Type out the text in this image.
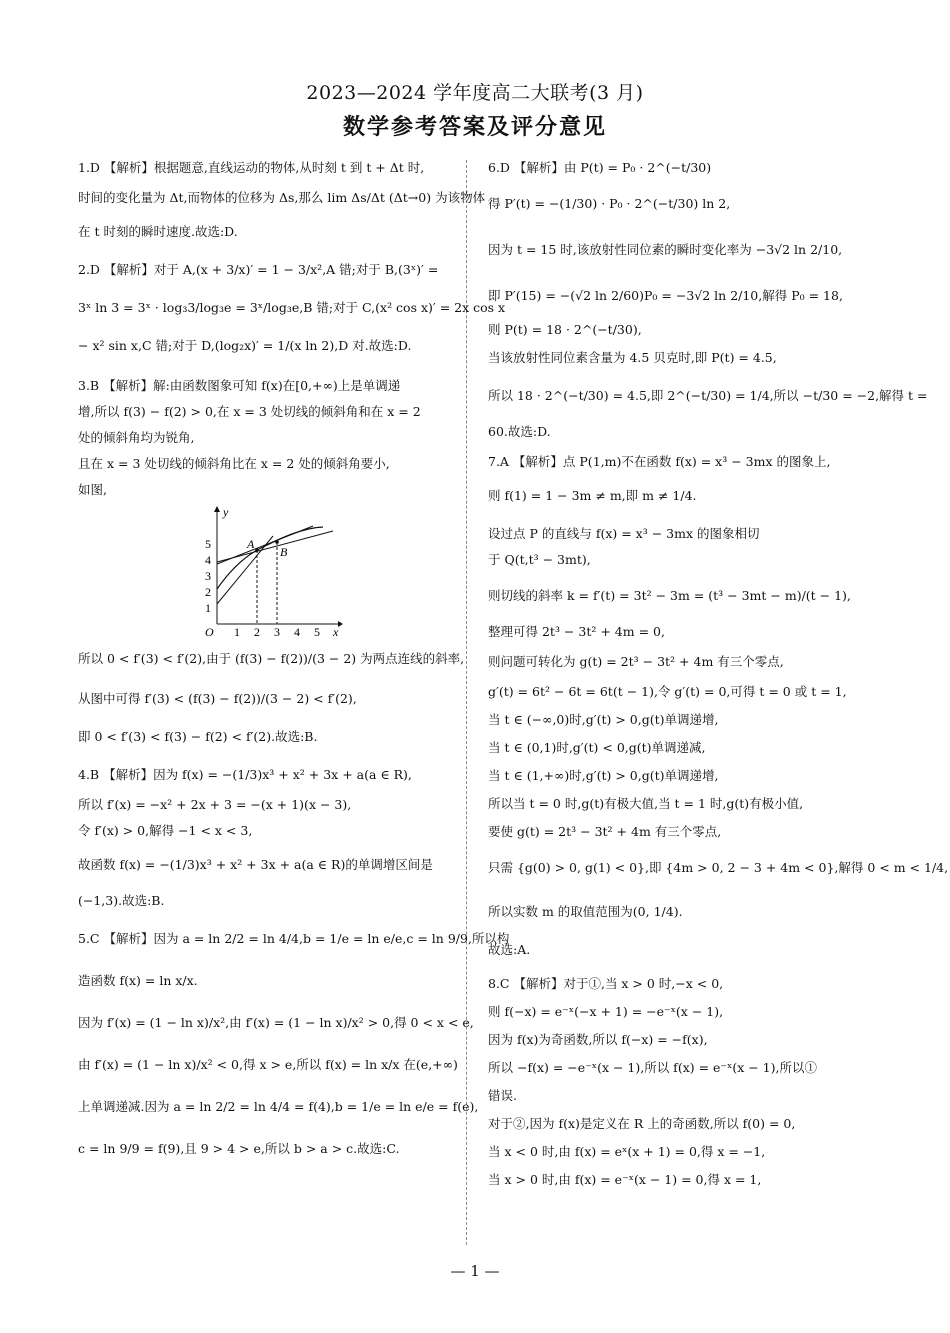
2023—2024 学年度高二大联考(3 月)
数学参考答案及评分意见

1.D 【解析】根据题意,直线运动的物体,从时刻 t 到 t + Δt 时,

时间的变化量为 Δt,而物体的位移为 Δs,那么 lim Δs/Δt (Δt→0) 为该物体

在 t 时刻的瞬时速度.故选:D.

2.D 【解析】对于 A,(x + 3/x)′ = 1 − 3/x²,A 错;对于 B,(3ˣ)′ =

3ˣ ln 3 = 3ˣ · log₃3/log₃e = 3ˣ/log₃e,B 错;对于 C,(x² cos x)′ = 2x cos x

− x² sin x,C 错;对于 D,(log₂x)′ = 1/(x ln 2),D 对.故选:D.

3.B 【解析】解:由函数图象可知 f(x)在[0,+∞)上是单调递

增,所以 f(3) − f(2) > 0,在 x = 3 处切线的倾斜角和在 x = 2

处的倾斜角均为锐角,

且在 x = 3 处切线的倾斜角比在 x = 2 处的倾斜角要小,

如图,

1 2 3 4 5
1
2
3
4
5
O	x
y
A
B

所以 0 < f′(3) < f′(2),由于 (f(3) − f(2))/(3 − 2) 为两点连线的斜率,

从图中可得 f′(3) < (f(3) − f(2))/(3 − 2) < f′(2),

即 0 < f′(3) < f(3) − f(2) < f′(2).故选:B.

4.B 【解析】因为 f(x) = −(1/3)x³ + x² + 3x + a(a ∈ R),

所以 f′(x) = −x² + 2x + 3 = −(x + 1)(x − 3),

令 f′(x) > 0,解得 −1 < x < 3,

故函数 f(x) = −(1/3)x³ + x² + 3x + a(a ∈ R)的单调增区间是

(−1,3).故选:B.

5.C 【解析】因为 a = ln 2/2 = ln 4/4,b = 1/e = ln e/e,c = ln 9/9,所以构

造函数 f(x) = ln x/x.

因为 f′(x) = (1 − ln x)/x²,由 f′(x) = (1 − ln x)/x² > 0,得 0 < x < e,

由 f′(x) = (1 − ln x)/x² < 0,得 x > e,所以 f(x) = ln x/x 在(e,+∞)

上单调递减.因为 a = ln 2/2 = ln 4/4 = f(4),b = 1/e = ln e/e = f(e),

c = ln 9/9 = f(9),且 9 > 4 > e,所以 b > a > c.故选:C.

6.D 【解析】由 P(t) = P₀ · 2^(−t/30)

得 P′(t) = −(1/30) · P₀ · 2^(−t/30) ln 2,

因为 t = 15 时,该放射性同位素的瞬时变化率为 −3√2 ln 2/10,

即 P′(15) = −(√2 ln 2/60)P₀ = −3√2 ln 2/10,解得 P₀ = 18,

则 P(t) = 18 · 2^(−t/30),

当该放射性同位素含量为 4.5 贝克时,即 P(t) = 4.5,

所以 18 · 2^(−t/30) = 4.5,即 2^(−t/30) = 1/4,所以 −t/30 = −2,解得 t =

60.故选:D.

7.A 【解析】点 P(1,m)不在函数 f(x) = x³ − 3mx 的图象上,

则 f(1) = 1 − 3m ≠ m,即 m ≠ 1/4.

设过点 P 的直线与 f(x) = x³ − 3mx 的图象相切

于 Q(t,t³ − 3mt),

则切线的斜率 k = f′(t) = 3t² − 3m = (t³ − 3mt − m)/(t − 1),

整理可得 2t³ − 3t² + 4m = 0,

则问题可转化为 g(t) = 2t³ − 3t² + 4m 有三个零点,

g′(t) = 6t² − 6t = 6t(t − 1),令 g′(t) = 0,可得 t = 0 或 t = 1,

当 t ∈ (−∞,0)时,g′(t) > 0,g(t)单调递增,

当 t ∈ (0,1)时,g′(t) < 0,g(t)单调递减,

当 t ∈ (1,+∞)时,g′(t) > 0,g(t)单调递增,

所以当 t = 0 时,g(t)有极大值,当 t = 1 时,g(t)有极小值,

要使 g(t) = 2t³ − 3t² + 4m 有三个零点,

只需 {g(0) > 0, g(1) < 0},即 {4m > 0, 2 − 3 + 4m < 0},解得 0 < m < 1/4,

所以实数 m 的取值范围为(0, 1/4).

故选:A.

8.C 【解析】对于①,当 x > 0 时,−x < 0,

则 f(−x) = e⁻ˣ(−x + 1) = −e⁻ˣ(x − 1),

因为 f(x)为奇函数,所以 f(−x) = −f(x),

所以 −f(x) = −e⁻ˣ(x − 1),所以 f(x) = e⁻ˣ(x − 1),所以①

错误.

对于②,因为 f(x)是定义在 R 上的奇函数,所以 f(0) = 0,

当 x < 0 时,由 f(x) = eˣ(x + 1) = 0,得 x = −1,

当 x > 0 时,由 f(x) = e⁻ˣ(x − 1) = 0,得 x = 1,

— 1 —
